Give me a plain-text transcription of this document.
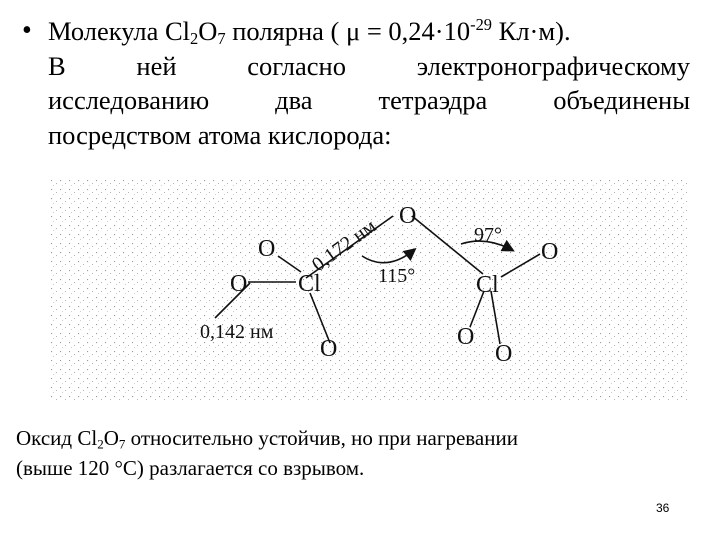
• Молекула $Cl_2O_7$ полярна ( $\mu = 0,24\cdot 10^{-29}$ Кл·м).
В ней согласно электронографическому
исследованию два тетраэдра объединены
посредством атома кислорода:

O
O
O Cl
O
Cl
O
O
O
0,172 нм
0,142 нм
115°
97°
Оксид $Cl_2O_7$ относительно устойчив, но при нагревании
(выше 120 °C) разлагается со взрывом.
36
